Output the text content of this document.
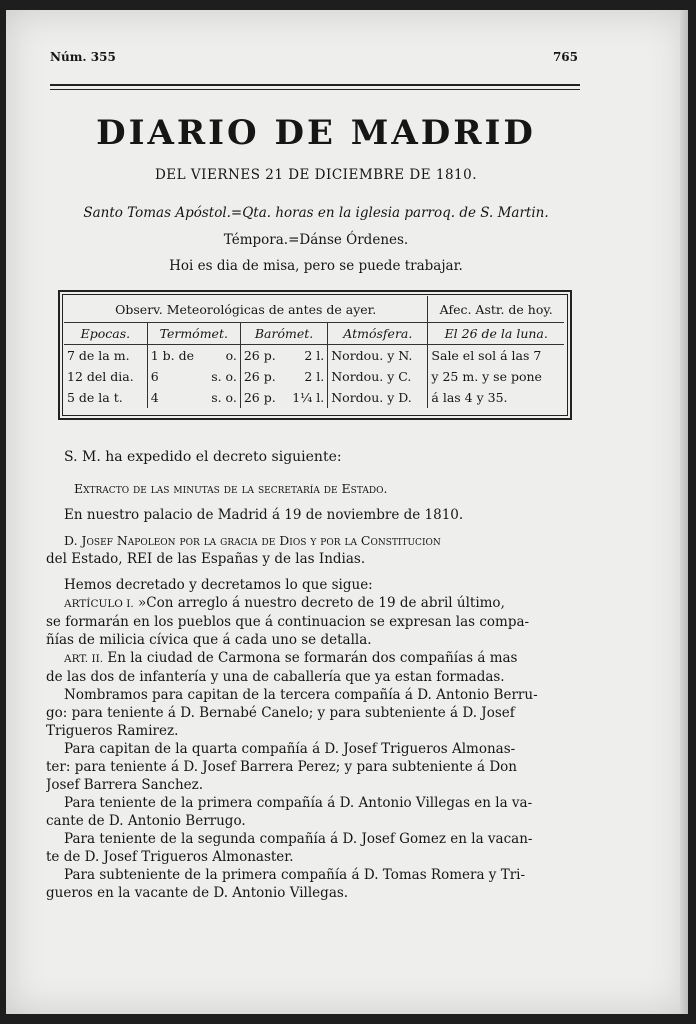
Núm. 355	765
DIARIO DE MADRID
DEL VIERNES 21 DE DICIEMBRE DE 1810.
Santo Tomas Apóstol.=Qta. horas en la iglesia parroq. de S. Martin.
Témpora.=Dánse Órdenes.
Hoi es dia de misa, pero se puede trabajar.
Observ. Meteorológicas de antes de ayer.						Afec. Astr. de hoy.
Epocas.	Termómet.		Barómet.		Atmósfera.	El 26 de la luna.
7 de la m.	1 b. de	o.	26 p.	2 l.	Nordou. y N.	Sale el sol á las 7
12 del dia.	6	s. o.	26 p.	2 l.	Nordou. y C.	y 25 m. y se pone
5 de la t.	4	s. o.	26 p.	1¼ l.	Nordou. y D.	á las 4 y 35.
S. M. ha expedido el decreto siguiente:
Extracto de las minutas de la secretaría de Estado.
En nuestro palacio de Madrid á 19 de noviembre de 1810.
D. Josef Napoleon por la gracia de Dios y por la Constitucion
del Estado, REI de las Españas y de las Indias.
Hemos decretado y decretamos lo que sigue:
ARTÍCULO I. »Con arreglo á nuestro decreto de 19 de abril último,
se formarán en los pueblos que á continuacion se expresan las compa-
ñías de milicia cívica que á cada uno se detalla.
ART. II. En la ciudad de Carmona se formarán dos compañías á mas
de las dos de infantería y una de caballería que ya estan formadas.
Nombramos para capitan de la tercera compañía á D. Antonio Berru-
go: para teniente á D. Bernabé Canelo; y para subteniente á D. Josef
Trigueros Ramirez.
Para capitan de la quarta compañía á D. Josef Trigueros Almonas-
ter: para teniente á D. Josef Barrera Perez; y para subteniente á Don
Josef Barrera Sanchez.
Para teniente de la primera compañía á D. Antonio Villegas en la va-
cante de D. Antonio Berrugo.
Para teniente de la segunda compañía á D. Josef Gomez en la vacan-
te de D. Josef Trigueros Almonaster.
Para subteniente de la primera compañía á D. Tomas Romera y Tri-
gueros en la vacante de D. Antonio Villegas.
